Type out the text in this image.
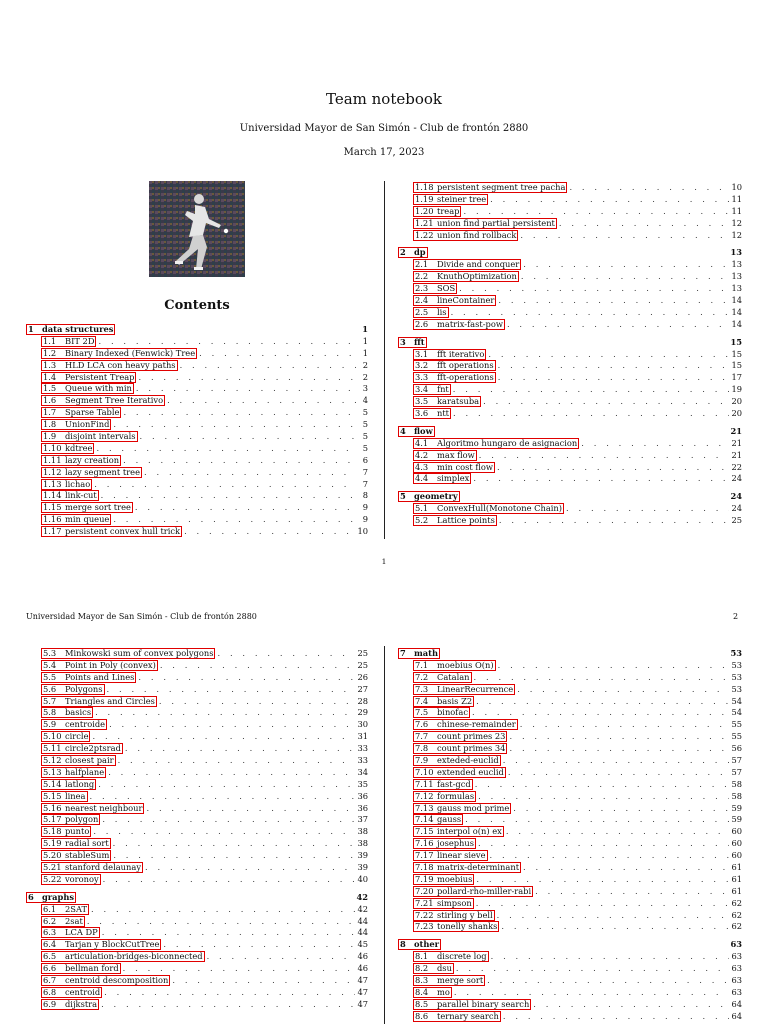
Team notebook
Universidad Mayor de San Simón - Club de frontón 2880
March 17, 2023
Contents
1 data structures	1
1.1 BIT 2D . . .	1
1.2 Binary Indexed (Fenwick) Tree . . .	1
1.3 HLD LCA con heavy paths . . .	2
1.4 Persistent Treap . . .	2
1.5 Queue with min . . .	3
1.6 Segment Tree Iterativo . . .	4
1.7 Sparse Table . . .	5
1.8 UnionFind . . .	5
1.9 disjoint intervals . . .	5
1.10 kdtree . . .	5
1.11 lazy creation . . .	6
1.12 lazy segment tree . . .	7
1.13 lichao . . .	7
1.14 link-cut . . .	8
1.15 merge sort tree . . .	9
1.16 min queue . . .	9
1.17 persistent convex hull trick . . .	10
1.18 persistent segment tree pacha . . .	10
1.19 steiner tree . . .	11
1.20 treap . . .	11
1.21 union find partial persistent . . .	12
1.22 union find rollback . . .	12
2 dp	13
2.1 Divide and conquer . . .	13
2.2 KnuthOptimization . . .	13
2.3 SOS . . .	13
2.4 lineContainer . . .	14
2.5 lis . . .	14
2.6 matrix-fast-pow . . .	14
3 fft	15
3.1 fft iterativo . . .	15
3.2 fft operations . . .	15
3.3 fft-operations . . .	17
3.4 fnt . . .	19
3.5 karatsuba . . .	20
3.6 ntt . . .	20
4 flow	21
4.1 Algoritmo hungaro de asignacion . . .	21
4.2 max flow . . .	21
4.3 min cost flow . . .	22
4.4 simplex . . .	24
5 geometry	24
5.1 ConvexHull(Monotone Chain) . . .	24
5.2 Lattice points . . .	25
1
Universidad Mayor de San Simón - Club de frontón 2880	2
5.3 Minkowski sum of convex polygons . . .	25
5.4 Point in Poly (convex) . . .	25
5.5 Points and Lines . . .	26
5.6 Polygons . . .	27
5.7 Triangles and Circles . . .	28
5.8 basics . . .	29
5.9 centroide . . .	30
5.10 circle . . .	31
5.11 circle2ptsrad . . .	33
5.12 closest pair . . .	33
5.13 halfplane . . .	34
5.14 latlong . . .	35
5.15 linea . . .	36
5.16 nearest neighbour . . .	36
5.17 polygon . . .	37
5.18 punto . . .	38
5.19 radial sort . . .	38
5.20 stableSum . . .	39
5.21 stanford delaunay . . .	39
5.22 voronoy . . .	40
6 graphs	42
6.1 2SAT . . .	42
6.2 2sat . . .	44
6.3 LCA DP . . .	44
6.4 Tarjan y BlockCutTree . . .	45
6.5 articulation-bridges-biconnected . . .	46
6.6 bellman ford . . .	46
6.7 centroid descomposition . . .	47
6.8 centroid . . .	47
6.9 dijkstra . . .	47
7 math	53
7.1 moebius O(n) . . .	53
7.2 Catalan . . .	53
7.3 LinearRecurrence . . .	53
7.4 basis Z2 . . .	54
7.5 binofac . . .	54
7.6 chinese-remainder . . .	55
7.7 count primes 23 . . .	55
7.8 count primes 34 . . .	56
7.9 exteded-euclid . . .	57
7.10 extended euclid . . .	57
7.11 fast-gcd . . .	58
7.12 formulas . . .	58
7.13 gauss mod prime . . .	59
7.14 gauss . . .	59
7.15 interpol o(n) ex . . .	60
7.16 josephus . . .	60
7.17 linear sieve . . .	60
7.18 matrix-determinant . . .	61
7.19 moebius . . .	61
7.20 pollard-rho-miller-rabi . . .	61
7.21 simpson . . .	62
7.22 stirling y bell . . .	62
7.23 tonelly shanks . . .	62
8 other	63
8.1 discrete log . . .	63
8.2 dsu . . .	63
8.3 merge sort . . .	63
8.4 mo . . .	63
8.5 parallel binary search . . .	64
8.6 ternary search . . .	64
